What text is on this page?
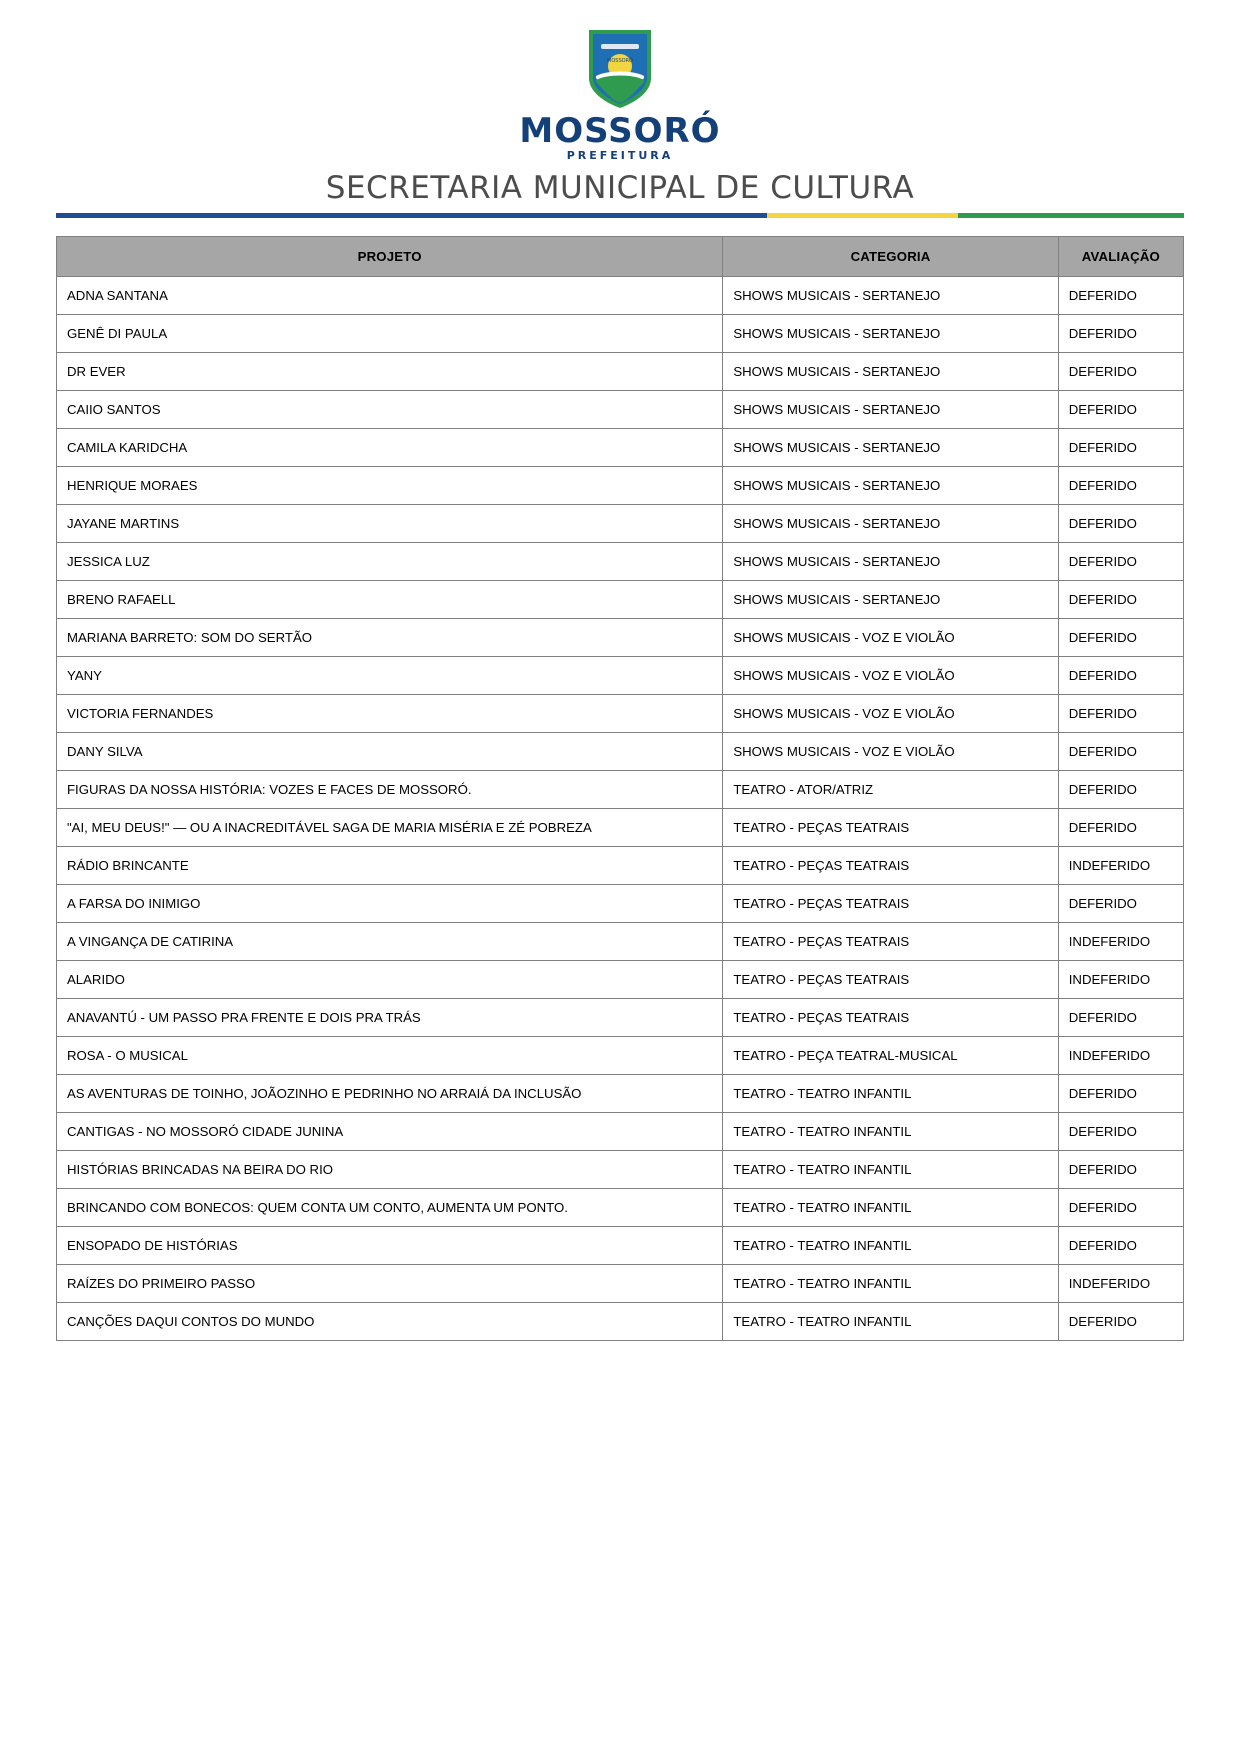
MOSSORÓ
MOSSORÓ
PREFEITURA
SECRETARIA MUNICIPAL DE CULTURA
PROJETO	CATEGORIA	AVALIAÇÃO
ADNA SANTANA	SHOWS MUSICAIS - SERTANEJO	DEFERIDO
GENÊ DI PAULA	SHOWS MUSICAIS - SERTANEJO	DEFERIDO
DR EVER	SHOWS MUSICAIS - SERTANEJO	DEFERIDO
CAIIO SANTOS	SHOWS MUSICAIS - SERTANEJO	DEFERIDO
CAMILA KARIDCHA	SHOWS MUSICAIS - SERTANEJO	DEFERIDO
HENRIQUE MORAES	SHOWS MUSICAIS - SERTANEJO	DEFERIDO
JAYANE MARTINS	SHOWS MUSICAIS - SERTANEJO	DEFERIDO
JESSICA LUZ	SHOWS MUSICAIS - SERTANEJO	DEFERIDO
BRENO RAFAELL	SHOWS MUSICAIS - SERTANEJO	DEFERIDO
MARIANA BARRETO: SOM DO SERTÃO	SHOWS MUSICAIS - VOZ E VIOLÃO	DEFERIDO
YANY	SHOWS MUSICAIS - VOZ E VIOLÃO	DEFERIDO
VICTORIA FERNANDES	SHOWS MUSICAIS - VOZ E VIOLÃO	DEFERIDO
DANY SILVA	SHOWS MUSICAIS - VOZ E VIOLÃO	DEFERIDO
FIGURAS DA NOSSA HISTÓRIA: VOZES E FACES DE MOSSORÓ.	TEATRO - ATOR/ATRIZ	DEFERIDO
"AI, MEU DEUS!" — OU A INACREDITÁVEL SAGA DE MARIA MISÉRIA E ZÉ POBREZA	TEATRO - PEÇAS TEATRAIS	DEFERIDO
RÁDIO BRINCANTE	TEATRO - PEÇAS TEATRAIS	INDEFERIDO
A FARSA DO INIMIGO	TEATRO - PEÇAS TEATRAIS	DEFERIDO
A VINGANÇA DE CATIRINA	TEATRO - PEÇAS TEATRAIS	INDEFERIDO
ALARIDO	TEATRO - PEÇAS TEATRAIS	INDEFERIDO
ANAVANTÚ - UM PASSO PRA FRENTE E DOIS PRA TRÁS	TEATRO - PEÇAS TEATRAIS	DEFERIDO
ROSA - O MUSICAL	TEATRO - PEÇA TEATRAL-MUSICAL	INDEFERIDO
AS AVENTURAS DE TOINHO, JOÃOZINHO E PEDRINHO NO ARRAIÁ DA INCLUSÃO	TEATRO - TEATRO INFANTIL	DEFERIDO
CANTIGAS - NO MOSSORÓ CIDADE JUNINA	TEATRO - TEATRO INFANTIL	DEFERIDO
HISTÓRIAS BRINCADAS NA BEIRA DO RIO	TEATRO - TEATRO INFANTIL	DEFERIDO
BRINCANDO COM BONECOS: QUEM CONTA UM CONTO, AUMENTA UM PONTO.	TEATRO - TEATRO INFANTIL	DEFERIDO
ENSOPADO DE HISTÓRIAS	TEATRO - TEATRO INFANTIL	DEFERIDO
RAÍZES DO PRIMEIRO PASSO	TEATRO - TEATRO INFANTIL	INDEFERIDO
CANÇÕES DAQUI CONTOS DO MUNDO	TEATRO - TEATRO INFANTIL	DEFERIDO
